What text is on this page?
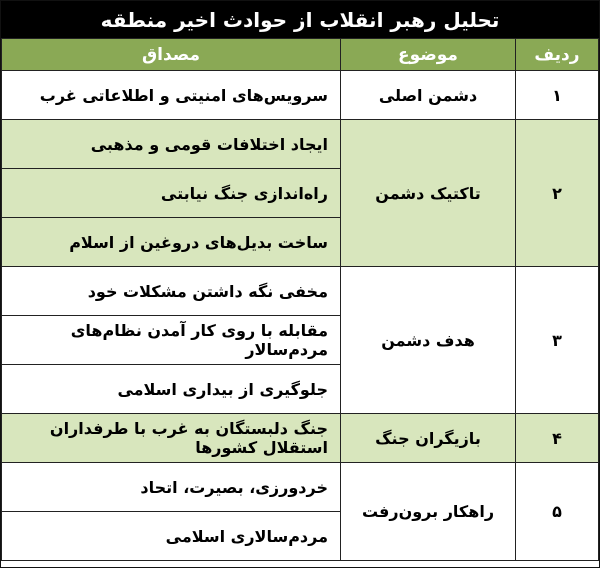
تحلیل رهبر انقلاب از حوادث اخیر منطقه
ردیف	موضوع	مصداق
۱	دشمن اصلی	سرویس‌های امنیتی و اطلاعاتی غرب
۲	تاکتیک دشمن	ایجاد اختلافات قومی و مذهبی
		راه‌اندازی جنگ نیابتی
		ساخت بدیل‌های دروغین از اسلام
۳	هدف دشمن	مخفی نگه داشتن مشکلات خود
		مقابله با روی کار آمدن نظام‌های مردم‌سالار
		جلوگیری از بیداری اسلامی
۴	بازیگران جنگ	جنگ دلبستگان به غرب با طرفداران استقلال کشورها
۵	راهکار برون‌رفت	خردورزی، بصیرت، اتحاد
		مردم‌سالاری اسلامی
